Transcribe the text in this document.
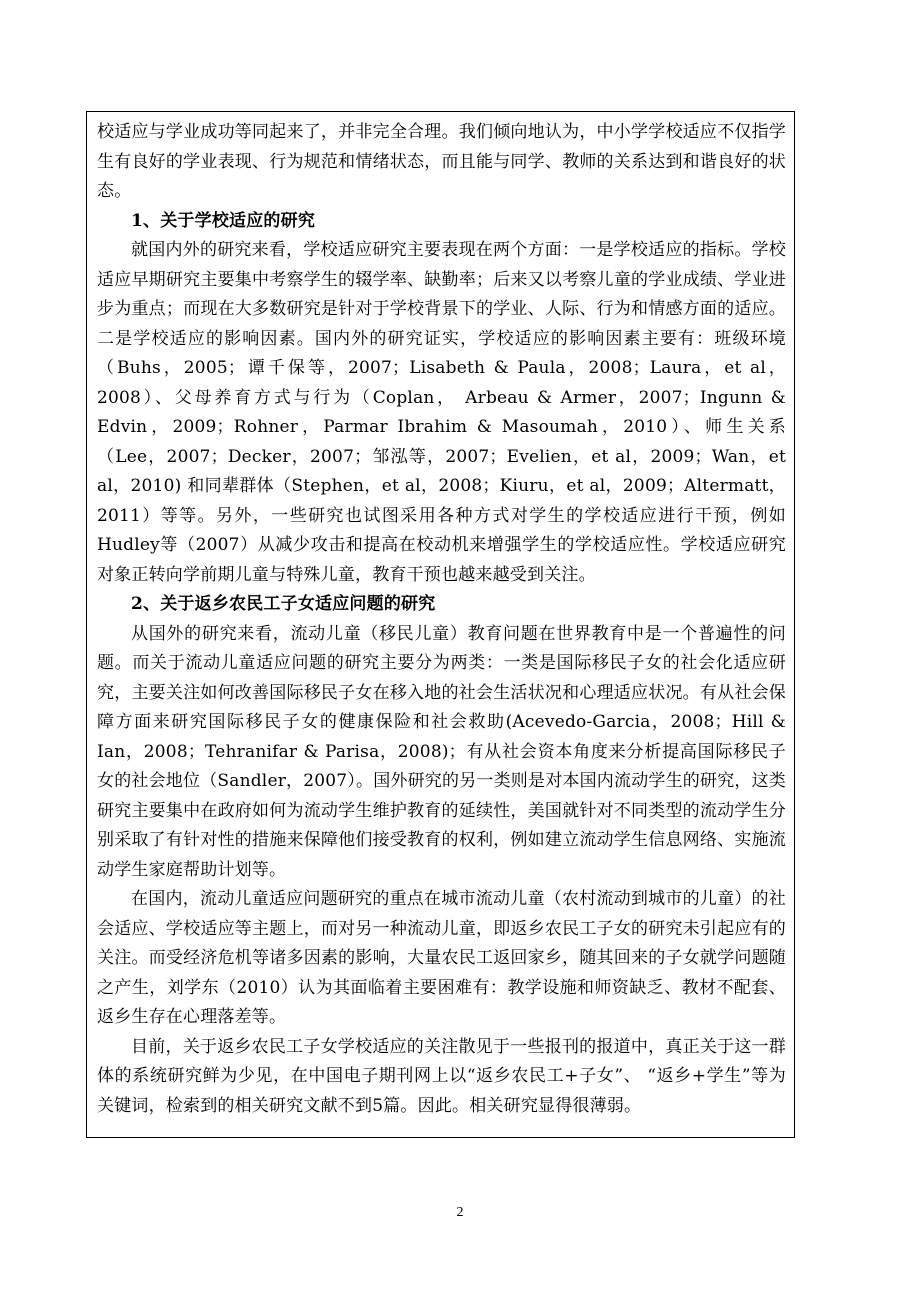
校适应与学业成功等同起来了，并非完全合理。我们倾向地认为，中小学学校适应不仅指学生有良好的学业表现、行为规范和情绪状态，而且能与同学、教师的关系达到和谐良好的状态。

1、关于学校适应的研究

就国内外的研究来看，学校适应研究主要表现在两个方面：一是学校适应的指标。学校适应早期研究主要集中考察学生的辍学率、缺勤率；后来又以考察儿童的学业成绩、学业进步为重点；而现在大多数研究是针对于学校背景下的学业、人际、行为和情感方面的适应。二是学校适应的影响因素。国内外的研究证实，学校适应的影响因素主要有：班级环境（Buhs，2005；谭千保等，2007；Lisabeth & Paula，2008；Laura，et al，2008）、父母养育方式与行为（Coplan， Arbeau & Armer，2007；Ingunn & Edvin，2009；Rohner，Parmar Ibrahim & Masoumah，2010）、师生关系（Lee，2007；Decker，2007；邹泓等，2007；Evelien，et al，2009；Wan，et al，2010) 和同辈群体（Stephen，et al，2008；Kiuru，et al，2009；Altermatt，2011）等等。另外，一些研究也试图采用各种方式对学生的学校适应进行干预，例如Hudley等（2007）从减少攻击和提高在校动机来增强学生的学校适应性。学校适应研究对象正转向学前期儿童与特殊儿童，教育干预也越来越受到关注。

2、关于返乡农民工子女适应问题的研究

从国外的研究来看，流动儿童（移民儿童）教育问题在世界教育中是一个普遍性的问题。而关于流动儿童适应问题的研究主要分为两类：一类是国际移民子女的社会化适应研究，主要关注如何改善国际移民子女在移入地的社会生活状况和心理适应状况。有从社会保障方面来研究国际移民子女的健康保险和社会救助(Acevedo-Garcia，2008；Hill & Ian，2008；Tehranifar & Parisa，2008)；有从社会资本角度来分析提高国际移民子女的社会地位（Sandler，2007）。国外研究的另一类则是对本国内流动学生的研究，这类研究主要集中在政府如何为流动学生维护教育的延续性，美国就针对不同类型的流动学生分别采取了有针对性的措施来保障他们接受教育的权利，例如建立流动学生信息网络、实施流动学生家庭帮助计划等。

在国内，流动儿童适应问题研究的重点在城市流动儿童（农村流动到城市的儿童）的社会适应、学校适应等主题上，而对另一种流动儿童，即返乡农民工子女的研究未引起应有的关注。而受经济危机等诸多因素的影响，大量农民工返回家乡，随其回来的子女就学问题随之产生，刘学东（2010）认为其面临着主要困难有：教学设施和师资缺乏、教材不配套、返乡生存在心理落差等。

目前，关于返乡农民工子女学校适应的关注散见于一些报刊的报道中，真正关于这一群体的系统研究鲜为少见，在中国电子期刊网上以“返乡农民工+子女”、 “返乡+学生”等为关键词，检索到的相关研究文献不到5篇。因此。相关研究显得很薄弱。

2
